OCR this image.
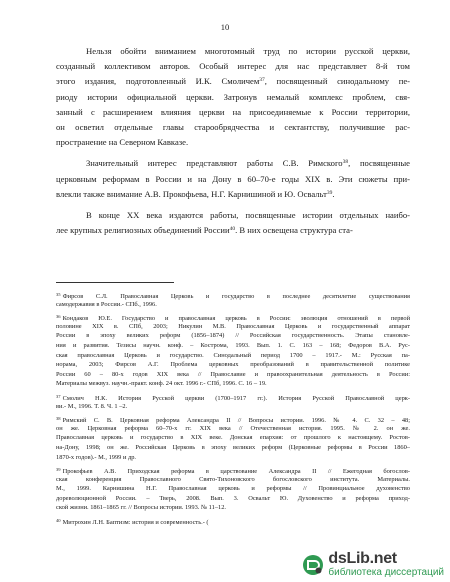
10
Нельзя обойти вниманием многотомный труд по истории русской церкви,
созданный коллективом авторов. Особый интерес для нас представляет 8-й том
этого издания, подготовленный И.К. Смоличем$^{37}$, посвященный синодальному пе-
риоду истории официальной церкви. Затронув немалый комплекс проблем, свя-
занный с расширением влияния церкви на присоединяемые к России территории,
он осветил отдельные главы старообрядчества и сектантству, получившие рас-
пространение на Северном Кавказе.
Значительный интерес представляют работы С.В. Римского$^{38}$, посвященные
церковным реформам в России и на Дону в 60–70-е годы XIX в. Эти сюжеты при-
влекли также внимание А.В. Прокофьева, Н.Г. Карнишиной и Ю. Освальт$^{39}$.
В конце XX века издаются работы, посвященные истории отдельных наибо-
лее крупных религиозных объединений России$^{40}$. В них освещена структура ста-
$^{35}$ Фирсов С.Л. Православная Церковь и государство в последнее десятилетие существования
самодержавия в России.- СПб., 1996.
$^{36}$ Кондаков Ю.Е. Государство и православная церковь в России: эволюция отношений в первой
половине XIX в. СПб, 2003; Никулин М.В. Православная Церковь и государственный аппарат
России в эпоху великих реформ (1856–1874) // Российская государственность. Этапы становле-
ния и развития. Тезисы научн. конф. – Кострома, 1993. Вып. 1. С. 163 – 168; Федоров В.А. Рус-
ская православная Церковь и государство. Синодальный период 1700 – 1917.- М.: Русская па-
норама, 2003; Фирсов А.Г. Проблема церковных преобразований в правительственной политике
России 60 – 80-х годов XIX века // Православие и правоохранительная деятельность в России:
Материалы межвуз. научн.-практ. конф. 24 окт. 1996 г.- СПб, 1996. С. 16 – 19.
$^{37}$ Смолич Н.К. История Русской церкви (1700–1917 гг.). История Русской Православной церк-
ви.- М., 1996. Т. 8. Ч. 1 –2.
$^{38}$ Римский С. В. Церковная реформа Александра II // Вопросы истории. 1996. № 4. С. 32 – 48;
он же. Церковная реформа 60–70-х гг. XIX века // Отечественная история. 1995. № 2. он же.
Православная церковь и государство в XIX веке. Донская епархия: от прошлого к настоящему. Ростов-
на-Дону, 1998; он же. Российская Церковь в эпоху великих реформ (Церковные реформы в России 1860–
1870-х годов).- М., 1999 и др.
$^{39}$ Прокофьев А.В. Приходская реформа в царствование Александра II // Ежегодная богослов-
ская конференция Православного Свято-Тихоновского богословского института. Материалы.
М., 1999. Карнишина Н.Г. Православная церковь и реформы // Провинциальное духовенство
дореволюционной России. – Тверь, 2008. Вып. 3. Освальт Ю. Духовенство и реформа приход-
ской жизни. 1861–1865 гг. // Вопросы истории. 1993. № 11–12.
$^{40}$ Митрохин Л.Н. Баптизм: история и современность.- (
dsLib.net
библиотека диссертаций
